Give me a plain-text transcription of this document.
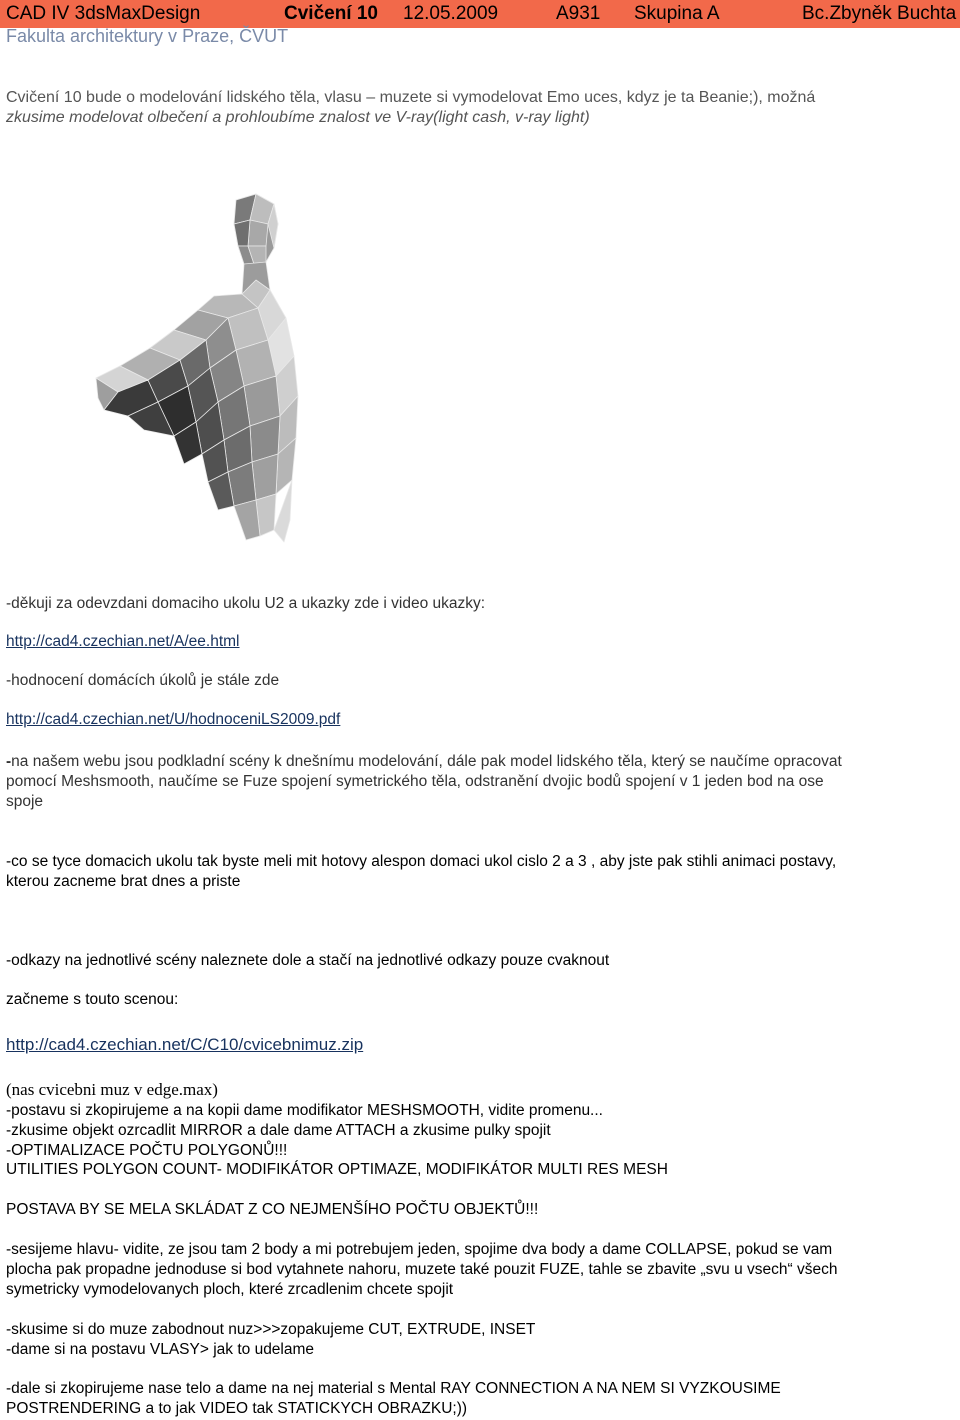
CAD IV 3dsMaxDesign	Cvičení 10 12.05.2009	A931 Skupina A	Bc.Zbyněk Buchta
Fakulta architektury v Praze, ČVUT
Cvičení 10 bude o modelování lidského těla, vlasu – muzete si vymodelovat Emo uces, kdyz je ta Beanie;), možná
zkusime modelovat olbečení a prohloubíme znalost ve V-ray(light cash, v-ray light)
-děkuji za odevzdani domaciho ukolu U2 a ukazky zde i video ukazky:
http://cad4.czechian.net/A/ee.html
-hodnocení domácích úkolů je stále zde
http://cad4.czechian.net/U/hodnoceniLS2009.pdf
-na našem webu jsou podkladní scény k dnešnímu modelování, dále pak model lidského těla, který se naučíme opracovat
pomocí Meshsmooth, naučíme se Fuze spojení symetrického těla, odstranění dvojic bodů spojení v 1 jeden bod na ose
spoje
-co se tyce domacich ukolu tak byste meli mit hotovy alespon domaci ukol cislo 2 a 3 , aby jste pak stihli animaci postavy,
kterou zacneme brat dnes a priste
-odkazy na jednotlivé scény naleznete dole a stačí na jednotlivé odkazy pouze cvaknout
začneme s touto scenou:
http://cad4.czechian.net/C/C10/cvicebnimuz.zip
(nas cvicebni muz v edge.max)
-postavu si zkopirujeme a na kopii dame modifikator MESHSMOOTH, vidite promenu...
-zkusime objekt ozrcadlit MIRROR a dale dame ATTACH a zkusime pulky spojit
-OPTIMALIZACE POČTU POLYGONŮ!!!
UTILITIES POLYGON COUNT- MODIFIKÁTOR OPTIMAZE, MODIFIKÁTOR MULTI RES MESH
POSTAVA BY SE MELA SKLÁDAT Z CO NEJMENŠÍHO POČTU OBJEKTŮ!!!
-sesijeme hlavu- vidite, ze jsou tam 2 body a mi potrebujem jeden, spojime dva body a dame COLLAPSE, pokud se vam
plocha pak propadne jednoduse si bod vytahnete nahoru, muzete také pouzit FUZE, tahle se zbavite „svu u vsech“ všech
symetricky vymodelovanych ploch, které zrcadlenim chcete spojit
-skusime si do muze zabodnout nuz>>>zopakujeme CUT, EXTRUDE, INSET
-dame si na postavu VLASY> jak to udelame
-dale si zkopirujeme nase telo a dame na nej material s Mental RAY CONNECTION A NA NEM SI VYZKOUSIME
POSTRENDERING a to jak VIDEO tak STATICKYCH OBRAZKU;))
